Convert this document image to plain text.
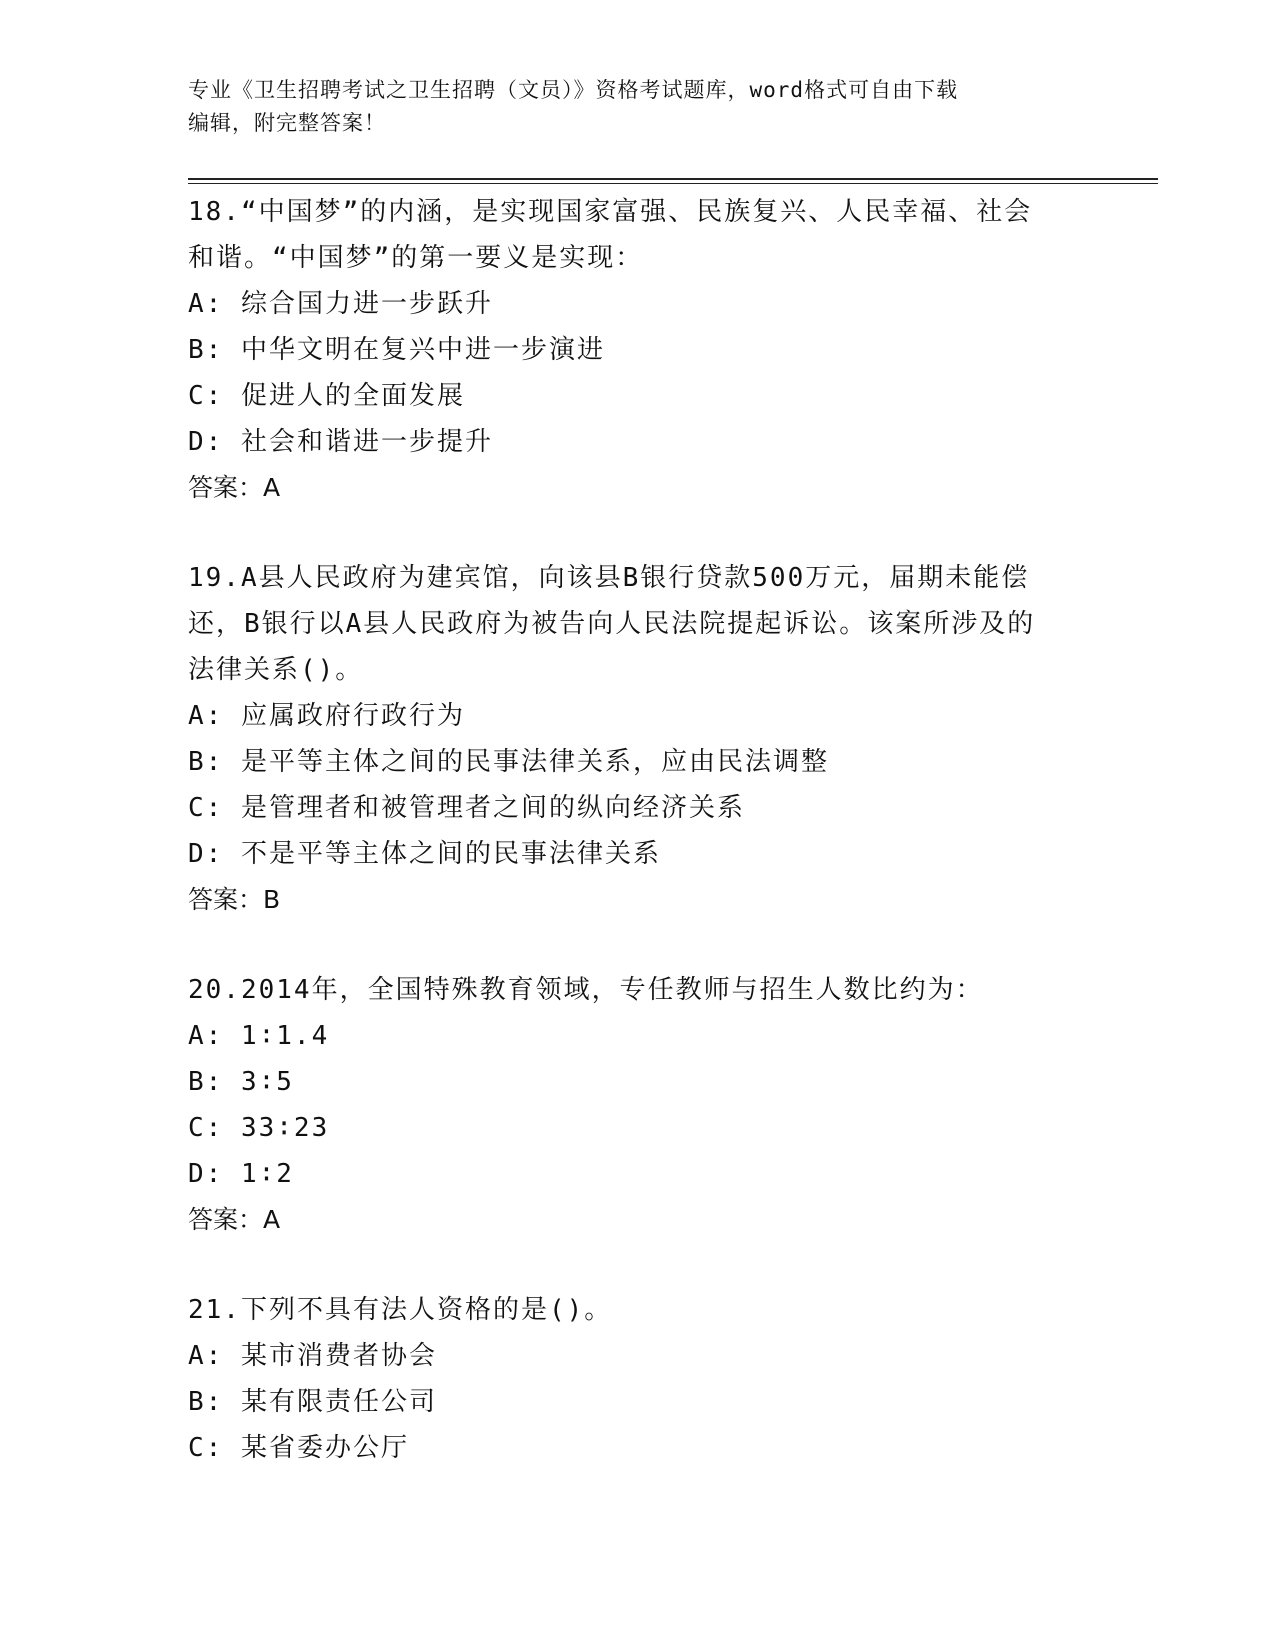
专业《卫生招聘考试之卫生招聘（文员）》资格考试题库，word格式可自由下载
编辑，附完整答案！
18.“中国梦”的内涵，是实现国家富强、民族复兴、人民幸福、社会
和谐。“中国梦”的第一要义是实现：
A: 综合国力进一步跃升
B: 中华文明在复兴中进一步演进
C: 促进人的全面发展
D: 社会和谐进一步提升
答案：A
19.A县人民政府为建宾馆，向该县B银行贷款500万元，届期未能偿
还，B银行以A县人民政府为被告向人民法院提起诉讼。该案所涉及的
法律关系()。
A: 应属政府行政行为
B: 是平等主体之间的民事法律关系，应由民法调整
C: 是管理者和被管理者之间的纵向经济关系
D: 不是平等主体之间的民事法律关系
答案：B
20.2014年，全国特殊教育领域，专任教师与招生人数比约为：
A: 1∶1.4
B: 3∶5
C: 33∶23
D: 1∶2
答案：A
21.下列不具有法人资格的是()。
A: 某市消费者协会
B: 某有限责任公司
C: 某省委办公厅
